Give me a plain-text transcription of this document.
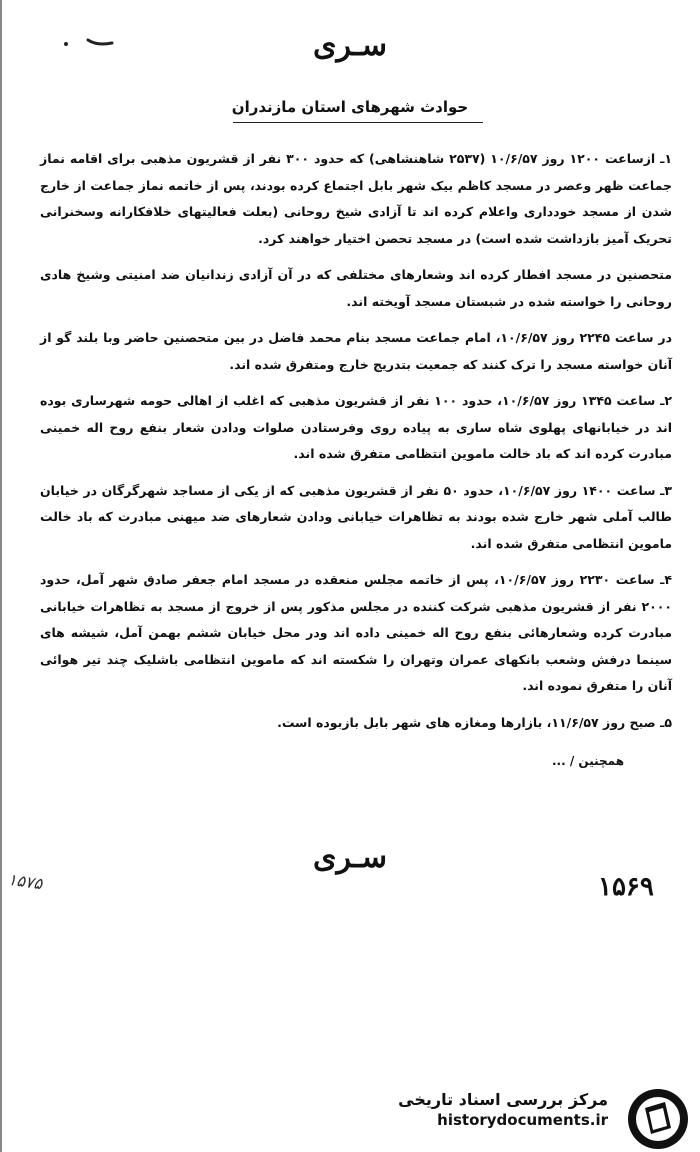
سـرى
حوادث شهرهای استان مازندران

۱ـ ازساعت ۱۲۰۰ روز ۱۰/۶/۵۷ (۲۵۳۷ شاهنشاهی) که حدود ۳۰۰ نفر از قشریون مذهبی برای اقامه نماز جماعت ظهر وعصر در مسجد کاظم بیک شهر بابل اجتماع کرده بودند، پس از خاتمه نماز جماعت از خارج شدن از مسجد خودداری واعلام کرده اند تا آزادی شیخ روحانی (بعلت فعالیتهای خلافکارانه وسخنرانی تحریک آمیز بازداشت شده است) در مسجد تحصن اختیار خواهند کرد.

متحصنین در مسجد افطار کرده اند وشعارهای مختلفی که در آن آزادی زندانیان ضد امنیتی وشیخ هادی روحانی را خواسته شده در شبستان مسجد آویخته اند.

در ساعت ۲۲۴۵ روز ۱۰/۶/۵۷، امام جماعت مسجد بنام محمد فاضل در بین متحصنین حاضر وبا بلند گو از آنان خواسته مسجد را ترک کنند که جمعیت بتدریج خارج ومتفرق شده اند.

۲ـ ساعت ۱۳۴۵ روز ۱۰/۶/۵۷، حدود ۱۰۰ نفر از قشریون مذهبی که اغلب از اهالی حومه شهرساری بوده اند در خیابانهای پهلوی شاه ساری به پیاده روی وفرستادن صلوات ودادن شعار بنفع روح اله خمینی مبادرت کرده اند که باد خالت ماموین انتظامی متفرق شده اند.

۳ـ ساعت ۱۴۰۰ روز ۱۰/۶/۵۷، حدود ۵۰ نفر از قشریون مذهبی که از یکی از مساجد شهرگرگان در خیابان طالب آملی شهر خارج شده بودند به تظاهرات خیابانی ودادن شعارهای ضد میهنی مبادرت که باد خالت ماموین انتظامی متفرق شده اند.

۴ـ ساعت ۲۲۳۰ روز ۱۰/۶/۵۷، پس از خاتمه مجلس منعقده در مسجد امام جعفر صادق شهر آمل، حدود ۲۰۰۰ نفر از قشریون مذهبی شرکت کننده در مجلس مذکور پس از خروج از مسجد به تظاهرات خیابانی مبادرت کرده وشعارهائی بنفع روح اله خمینی داده اند ودر محل خیابان ششم بهمن آمل، شیشه های سینما درفش وشعب بانکهای عمران وتهران را شکسته اند که ماموین انتظامی باشلیک چند تیر هوائی آنان را متفرق نموده اند.

۵ـ صبح روز ۱۱/۶/۵۷، بازارها ومغازه های شهر بابل بازبوده است.

همچنین / ...
سـرى
۱۵۷۵	۱۵۶۹
مرکز بررسی اسناد تاریخی
historydocuments.ir
